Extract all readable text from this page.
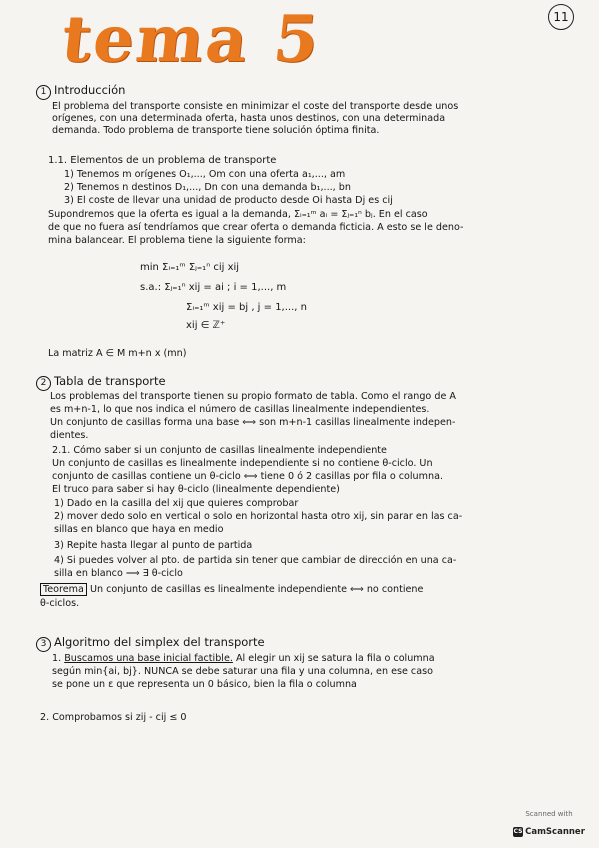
tema 5	11
1 Introducción
El problema del transporte consiste en minimizar el coste del transporte desde unos
orígenes, con una determinada oferta, hasta unos destinos, con una determinada
demanda. Todo problema de transporte tiene solución óptima finita.
1.1. Elementos de un problema de transporte
1) Tenemos m orígenes O₁,..., Om con una oferta a₁,..., am
2) Tenemos n destinos D₁,..., Dn con una demanda b₁,..., bn
3) El coste de llevar una unidad de producto desde Oi hasta Dj es cij
Supondremos que la oferta es igual a la demanda, Σᵢ₌₁ᵐ aᵢ = Σⱼ₌₁ⁿ bⱼ. En el caso
de que no fuera así tendríamos que crear oferta o demanda ficticia. A esto se le deno-
mina balancear. El problema tiene la siguiente forma:
min Σᵢ₌₁ᵐ Σⱼ₌₁ⁿ cij xij
s.a.: Σⱼ₌₁ⁿ xij = ai ; i = 1,..., m
Σᵢ₌₁ᵐ xij = bj , j = 1,..., n
xij ∈ ℤ⁺
La matriz A ∈ M m+n x (mn)
2 Tabla de transporte
Los problemas del transporte tienen su propio formato de tabla. Como el rango de A
es m+n-1, lo que nos indica el número de casillas linealmente independientes.
Un conjunto de casillas forma una base ⟺ son m+n-1 casillas linealmente indepen-
dientes.
2.1. Cómo saber si un conjunto de casillas linealmente independiente
Un conjunto de casillas es linealmente independiente si no contiene θ-ciclo. Un
conjunto de casillas contiene un θ-ciclo ⟺ tiene 0 ó 2 casillas por fila o columna.
El truco para saber si hay θ-ciclo (linealmente dependiente)
1) Dado en la casilla del xij que quieres comprobar
2) mover dedo solo en vertical o solo en horizontal hasta otro xij, sin parar en las ca-
sillas en blanco que haya en medio
3) Repite hasta llegar al punto de partida
4) Si puedes volver al pto. de partida sin tener que cambiar de dirección en una ca-
silla en blanco ⟹ ∃ θ-ciclo
Teorema Un conjunto de casillas es linealmente independiente ⟺ no contiene
θ-ciclos.
3 Algoritmo del simplex del transporte
1. Buscamos una base inicial factible. Al elegir un xij se satura la fila o columna
según min{ai, bj}. NUNCA se debe saturar una fila y una columna, en ese caso
se pone un ε que representa un 0 básico, bien la fila o columna
2. Comprobamos si zij - cij ≤ 0
Scanned with
CS CamScanner
